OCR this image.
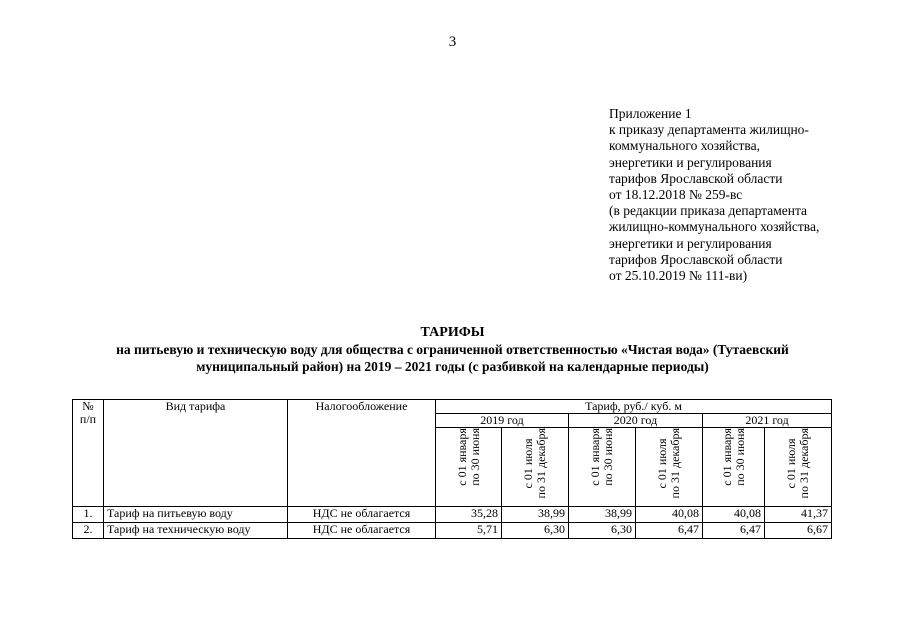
3
Приложение 1
к приказу департамента жилищно-
коммунального хозяйства,
энергетики и регулирования
тарифов Ярославской области
от 18.12.2018 № 259-вс
(в редакции приказа департамента
жилищно-коммунального хозяйства,
энергетики и регулирования
тарифов Ярославской области
от 25.10.2019 № 111-ви)
ТАРИФЫ
на питьевую и техническую воду для общества с ограниченной ответственностью «Чистая вода» (Тутаевский
муниципальный район) на 2019 – 2021 годы (с разбивкой на календарные периоды)
№
п/п	Вид тарифа	Налогообложение	Тариф, руб./ куб. м					
			2019 год		2020 год		2021 год	

			с 01 января
по 30 июня	с 01 июля
по 31 декабря	с 01 января
по 30 июня	с 01 июля
по 31 декабря	с 01 января
по 30 июня	с 01 июля
по 31 декабря

1.	Тариф на питьевую воду	НДС не облагается	35,28	38,99	38,99	40,08	40,08	41,37
2.	Тариф на техническую воду	НДС не облагается	5,71	6,30	6,30	6,47	6,47	6,67
